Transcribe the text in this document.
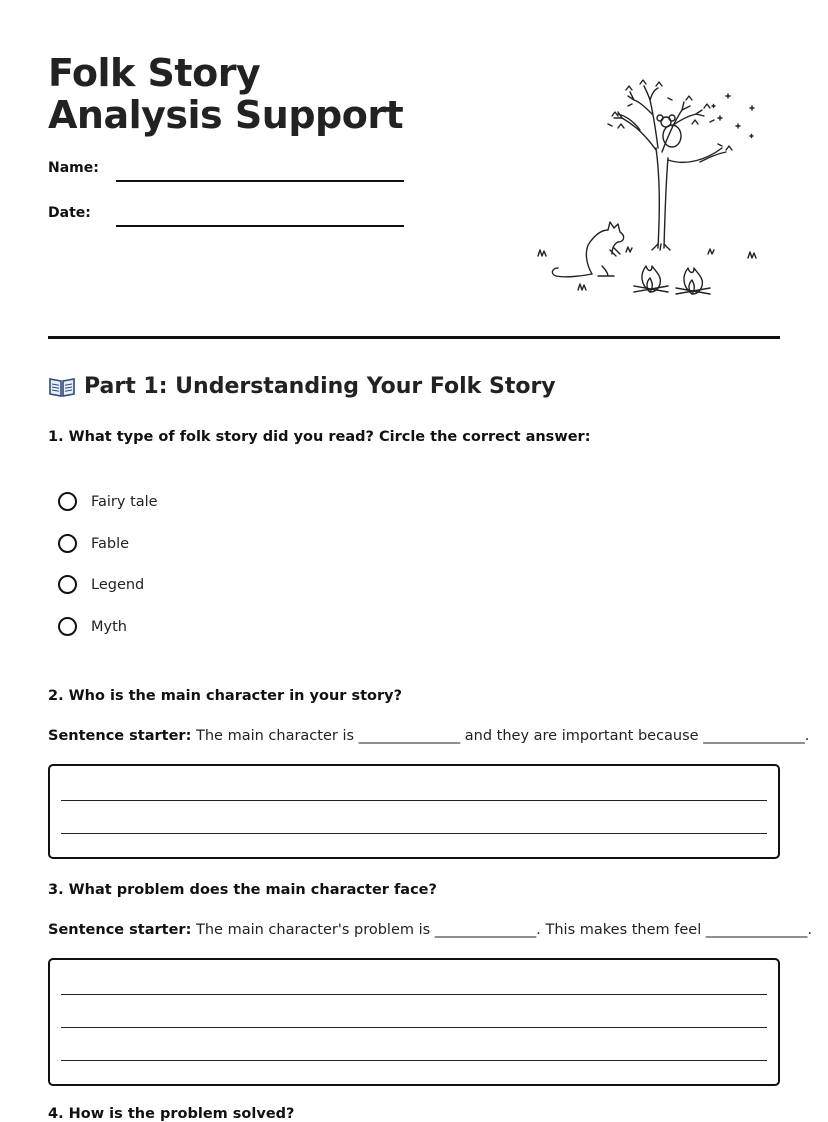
Folk Story Analysis Support
Name:
Date:
Part 1: Understanding Your Folk Story

1. What type of folk story did you read? Circle the correct answer:

Fairy tale
Fable
Legend
Myth

2. Who is the main character in your story?

Sentence starter: The main character is ______________ and they are important because ______________.

3. What problem does the main character face?

Sentence starter: The main character's problem is ______________. This makes them feel ______________.

4. How is the problem solved?
